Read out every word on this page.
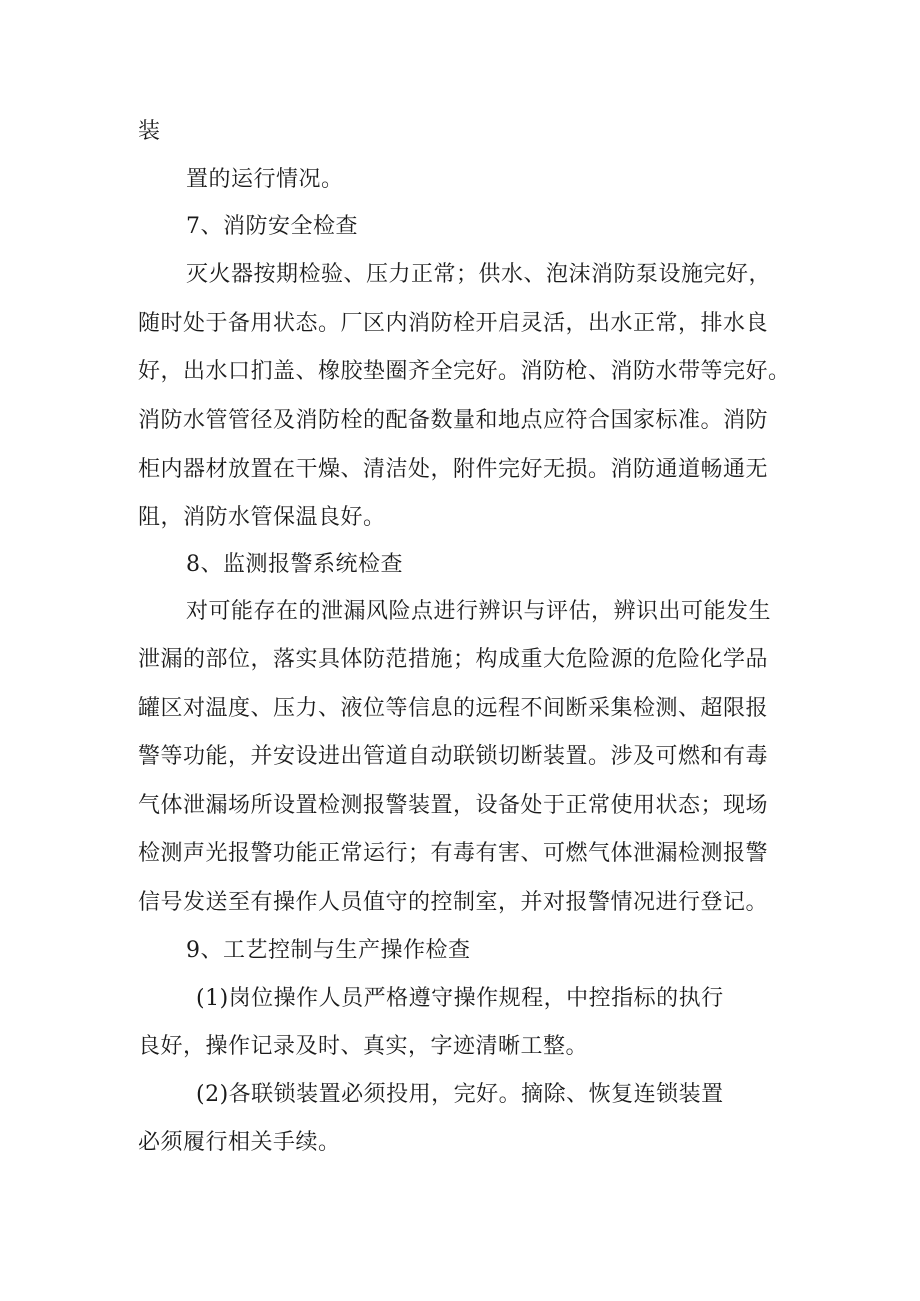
装
置的运行情况。
7、消防安全检查
灭火器按期检验、压力正常；供水、泡沫消防泵设施完好，
随时处于备用状态。厂区内消防栓开启灵活，出水正常，排水良
好，出水口扪盖、橡胶垫圈齐全完好。消防枪、消防水带等完好。
消防水管管径及消防栓的配备数量和地点应符合国家标准。消防
柜内器材放置在干燥、清洁处，附件完好无损。消防通道畅通无
阻，消防水管保温良好。
8、监测报警系统检查
对可能存在的泄漏风险点进行辨识与评估，辨识出可能发生
泄漏的部位，落实具体防范措施；构成重大危险源的危险化学品
罐区对温度、压力、液位等信息的远程不间断采集检测、超限报
警等功能，并安设进出管道自动联锁切断装置。涉及可燃和有毒
气体泄漏场所设置检测报警装置，设备处于正常使用状态；现场
检测声光报警功能正常运行；有毒有害、可燃气体泄漏检测报警
信号发送至有操作人员值守的控制室，并对报警情况进行登记。
9、工艺控制与生产操作检查
(1)岗位操作人员严格遵守操作规程，中控指标的执行
良好，操作记录及时、真实，字迹清晰工整。
(2)各联锁装置必须投用，完好。摘除、恢复连锁装置
必须履行相关手续。
